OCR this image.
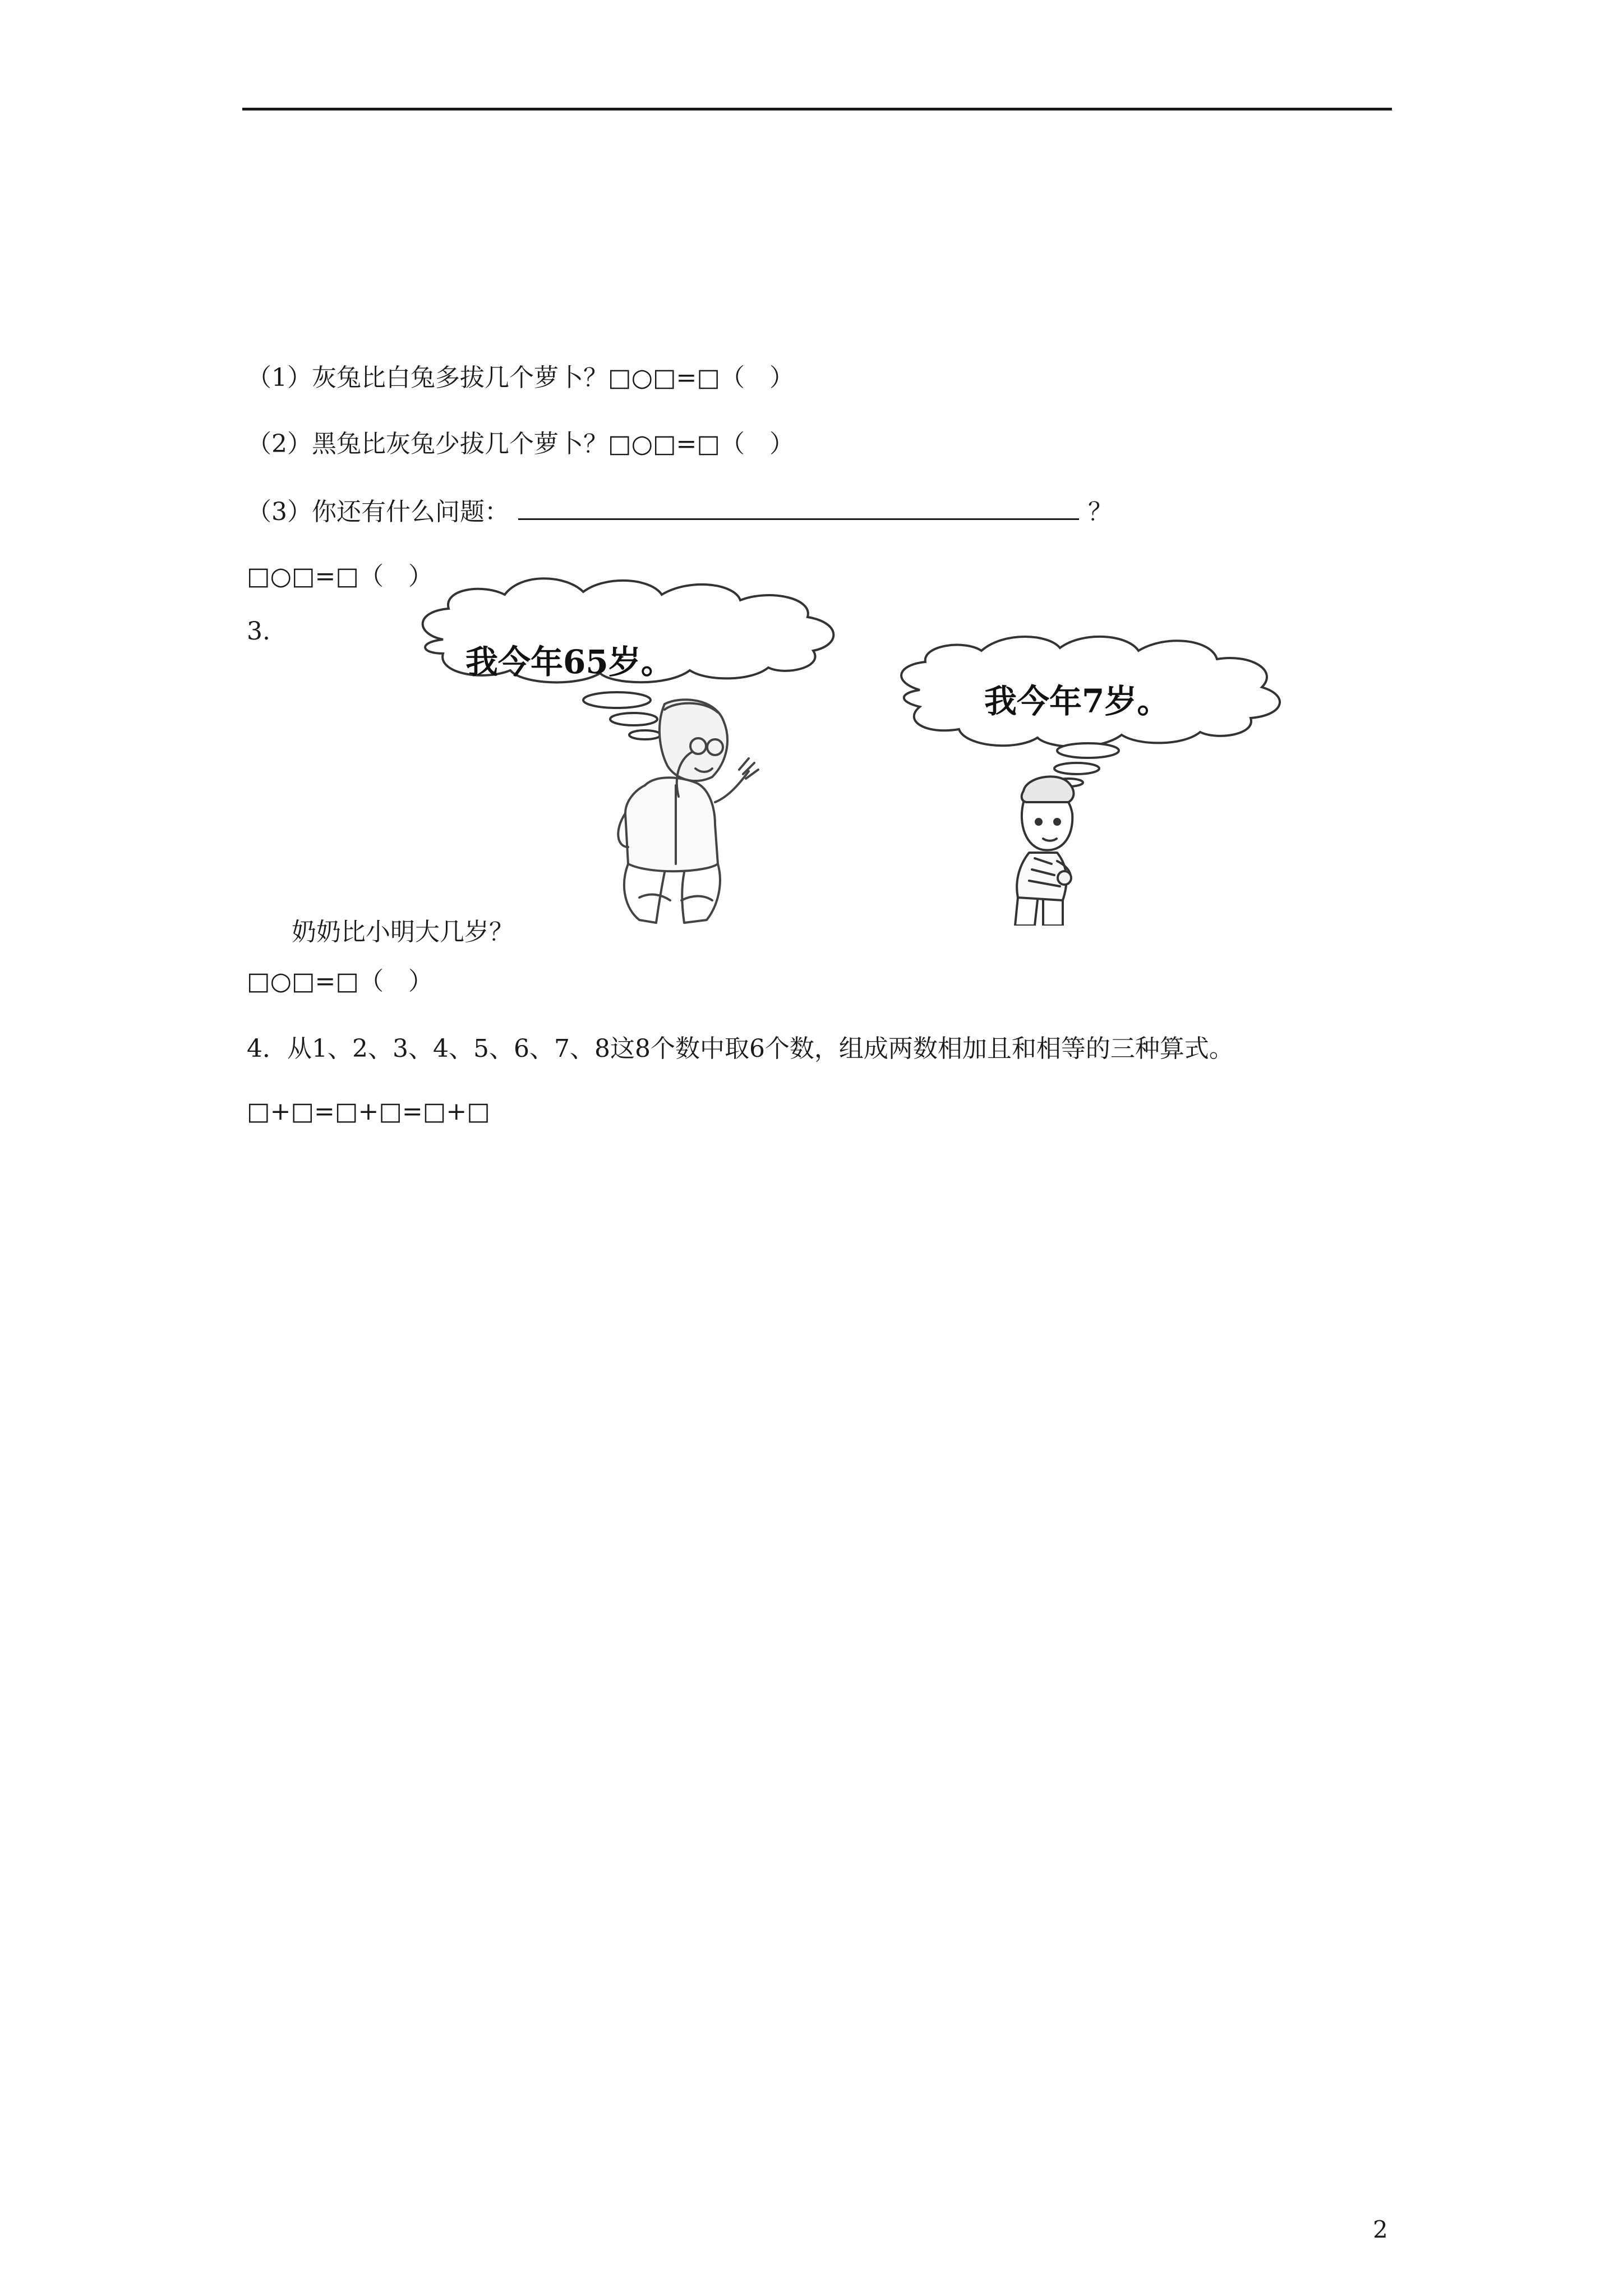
（1）灰兔比白兔多拔几个萝卜？□○□=□（　）
（2）黑兔比灰兔少拔几个萝卜？□○□=□（　）
（3）你还有什么问题：	？
□○□=□（　）
3.
我今年65岁。
我今年7岁。
奶奶比小明大几岁？
□○□=□（　）
4．从1、2、3、4、5、6、7、8这8个数中取6个数，组成两数相加且和相等的三种算式。
□+□=□+□=□+□
2
